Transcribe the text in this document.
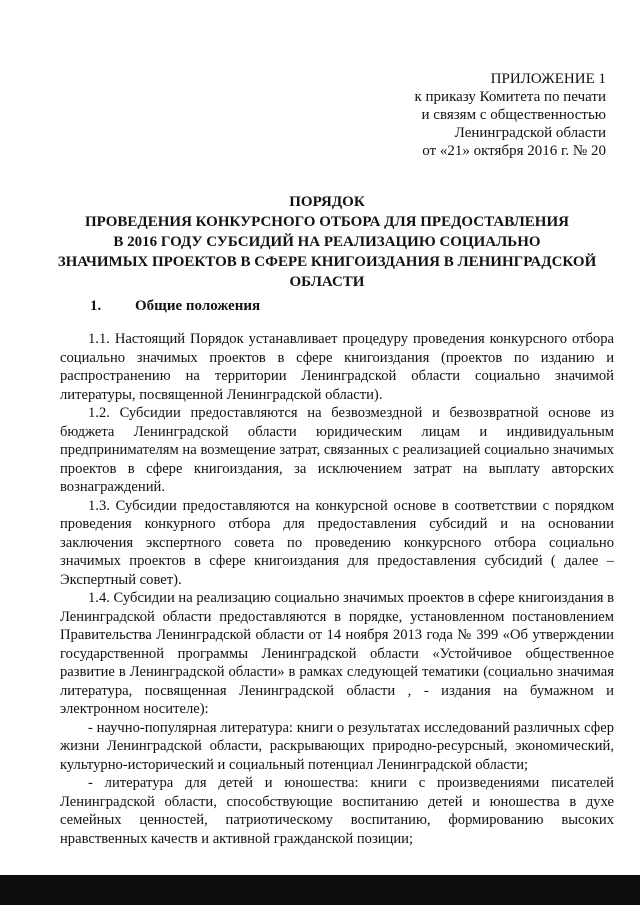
ПРИЛОЖЕНИЕ 1
к приказу Комитета по печати
и связям с общественностью
Ленинградской области
от «21» октября 2016 г. № 20
ПОРЯДОК
ПРОВЕДЕНИЯ КОНКУРСНОГО ОТБОРА ДЛЯ ПРЕДОСТАВЛЕНИЯ
В 2016 ГОДУ СУБСИДИЙ НА РЕАЛИЗАЦИЮ СОЦИАЛЬНО
ЗНАЧИМЫХ ПРОЕКТОВ В СФЕРЕ КНИГОИЗДАНИЯ В ЛЕНИНГРАДСКОЙ
ОБЛАСТИ
1. Общие положения

1.1. Настоящий Порядок устанавливает процедуру проведения конкурсного отбора социально значимых проектов в сфере книгоиздания (проектов по изданию и распространению на территории Ленинградской области социально значимой литературы, посвященной Ленинградской области).

1.2. Субсидии предоставляются на безвозмездной и безвозвратной основе из бюджета Ленинградской области юридическим лицам и индивидуальным предпринимателям на возмещение затрат, связанных с реализацией социально значимых проектов в сфере книгоиздания, за исключением затрат на выплату авторских вознаграждений.

1.3. Субсидии предоставляются на конкурсной основе в соответствии с порядком проведения конкурного отбора для предоставления субсидий и на основании заключения экспертного совета по проведению конкурсного отбора социально значимых проектов в сфере книгоиздания для предоставления субсидий ( далее – Экспертный совет).

1.4. Субсидии на реализацию социально значимых проектов в сфере книгоиздания в Ленинградской области предоставляются в порядке, установленном постановлением Правительства Ленинградской области от 14 ноября 2013 года № 399 «Об утверждении государственной программы Ленинградской области «Устойчивое общественное развитие в Ленинградской области» в рамках следующей тематики (социально значимая литература, посвященная Ленинградской области , - издания на бумажном и электронном носителе):

- научно-популярная литература: книги о результатах исследований различных сфер жизни Ленинградской области, раскрывающих природно-ресурсный, экономический, культурно-исторический и социальный потенциал Ленинградской области;

- литература для детей и юношества: книги с произведениями писателей Ленинградской области, способствующие воспитанию детей и юношества в духе семейных ценностей, патриотическому воспитанию, формированию высоких нравственных качеств и активной гражданской позиции;
